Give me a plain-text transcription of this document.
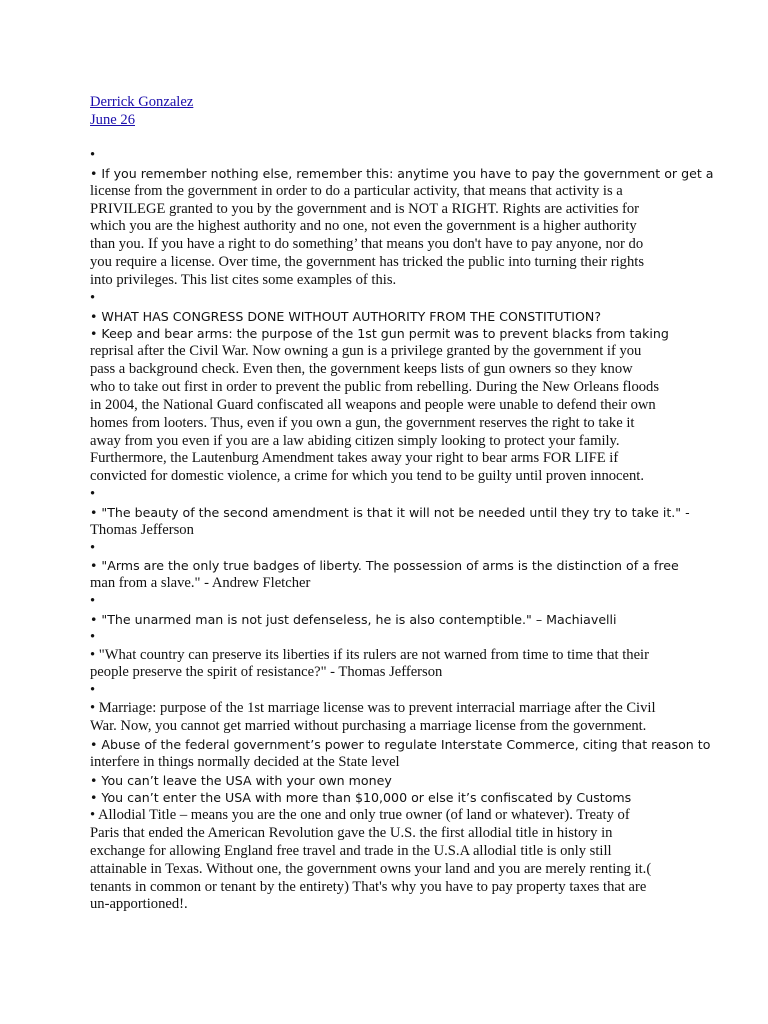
Derrick Gonzalez
June 26
•
• If you remember nothing else, remember this: anytime you have to pay the government or get a
license from the government in order to do a particular activity, that means that activity is a
PRIVILEGE granted to you by the government and is NOT a RIGHT. Rights are activities for
which you are the highest authority and no one, not even the government is a higher authority
than you. If you have a right to do something’ that means you don't have to pay anyone, nor do
you require a license. Over time, the government has tricked the public into turning their rights
into privileges. This list cites some examples of this.
•
• WHAT HAS CONGRESS DONE WITHOUT AUTHORITY FROM THE CONSTITUTION?
• Keep and bear arms: the purpose of the 1st gun permit was to prevent blacks from taking
reprisal after the Civil War. Now owning a gun is a privilege granted by the government if you
pass a background check. Even then, the government keeps lists of gun owners so they know
who to take out first in order to prevent the public from rebelling. During the New Orleans floods
in 2004, the National Guard confiscated all weapons and people were unable to defend their own
homes from looters. Thus, even if you own a gun, the government reserves the right to take it
away from you even if you are a law abiding citizen simply looking to protect your family.
Furthermore, the Lautenburg Amendment takes away your right to bear arms FOR LIFE if
convicted for domestic violence, a crime for which you tend to be guilty until proven innocent.
•
• "The beauty of the second amendment is that it will not be needed until they try to take it." -
Thomas Jefferson
•
• "Arms are the only true badges of liberty. The possession of arms is the distinction of a free
man from a slave." - Andrew Fletcher
•
• "The unarmed man is not just defenseless, he is also contemptible." – Machiavelli
•
• "What country can preserve its liberties if its rulers are not warned from time to time that their
people preserve the spirit of resistance?" - Thomas Jefferson
•
• Marriage: purpose of the 1st marriage license was to prevent interracial marriage after the Civil
War. Now, you cannot get married without purchasing a marriage license from the government.
• Abuse of the federal government’s power to regulate Interstate Commerce, citing that reason to
interfere in things normally decided at the State level
• You can’t leave the USA with your own money
• You can’t enter the USA with more than $10,000 or else it’s confiscated by Customs
• Allodial Title – means you are the one and only true owner (of land or whatever). Treaty of
Paris that ended the American Revolution gave the U.S. the first allodial title in history in
exchange for allowing England free travel and trade in the U.S.A allodial title is only still
attainable in Texas. Without one, the government owns your land and you are merely renting it.(
tenants in common or tenant by the entirety) That's why you have to pay property taxes that are
un-apportioned!.
